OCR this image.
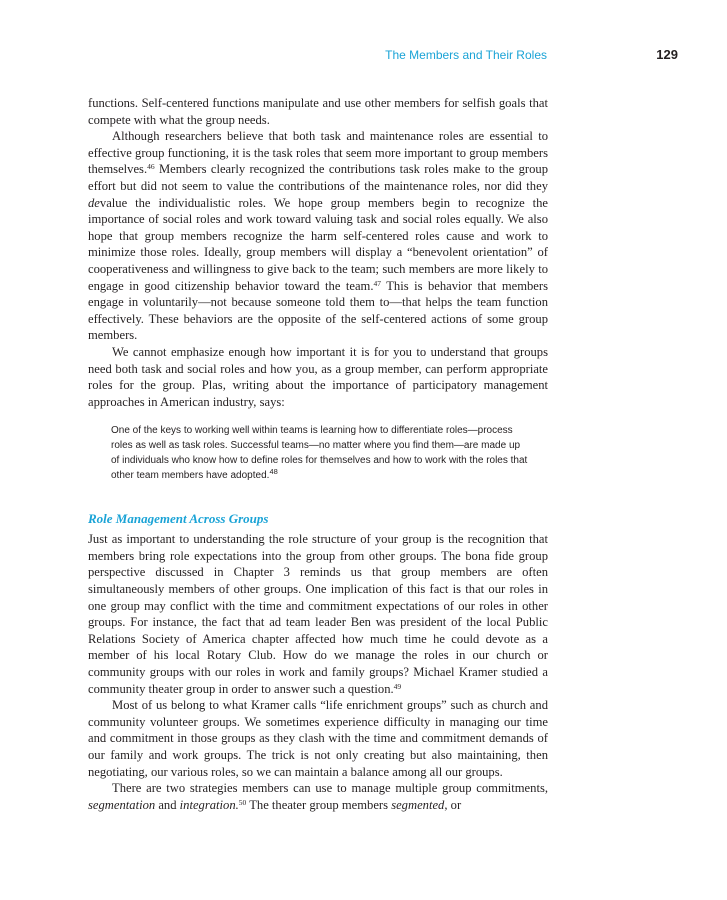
The Members and Their Roles	129

functions. Self-centered functions manipulate and use other members for selfish goals that compete with what the group needs.

Although researchers believe that both task and maintenance roles are essential to effective group functioning, it is the task roles that seem more important to group members themselves.$^{46}$ Members clearly recognized the contributions task roles make to the group effort but did not seem to value the contributions of the maintenance roles, nor did they devalue the individualistic roles. We hope group members begin to recognize the importance of social roles and work toward valuing task and social roles equally. We also hope that group members recognize the harm self-centered roles cause and work to minimize those roles. Ideally, group members will display a “benevolent orientation” of cooperativeness and willingness to give back to the team; such members are more likely to engage in good citizenship behavior toward the team.$^{47}$ This is behavior that members engage in voluntarily—not because someone told them to—that helps the team function effectively. These behaviors are the opposite of the self-centered actions of some group members.

We cannot emphasize enough how important it is for you to understand that groups need both task and social roles and how you, as a group member, can perform appropriate roles for the group. Plas, writing about the importance of participatory management approaches in American industry, says:

One of the keys to working well within teams is learning how to differentiate roles—process roles as well as task roles. Successful teams—no matter where you find them—are made up of individuals who know how to define roles for themselves and how to work with the roles that other team members have adopted.$^{48}$

Role Management Across Groups

Just as important to understanding the role structure of your group is the recognition that members bring role expectations into the group from other groups. The bona fide group perspective discussed in Chapter 3 reminds us that group members are often simultaneously members of other groups. One implication of this fact is that our roles in one group may conflict with the time and commitment expectations of our roles in other groups. For instance, the fact that ad team leader Ben was president of the local Public Relations Society of America chapter affected how much time he could devote as a member of his local Rotary Club. How do we manage the roles in our church or community groups with our roles in work and family groups? Michael Kramer studied a community theater group in order to answer such a question.$^{49}$

Most of us belong to what Kramer calls “life enrichment groups” such as church and community volunteer groups. We sometimes experience difficulty in managing our time and commitment in those groups as they clash with the time and commitment demands of our family and work groups. The trick is not only creating but also maintaining, then negotiating, our various roles, so we can maintain a balance among all our groups.

There are two strategies members can use to manage multiple group commitments, segmentation and integration.$^{50}$ The theater group members segmented, or
